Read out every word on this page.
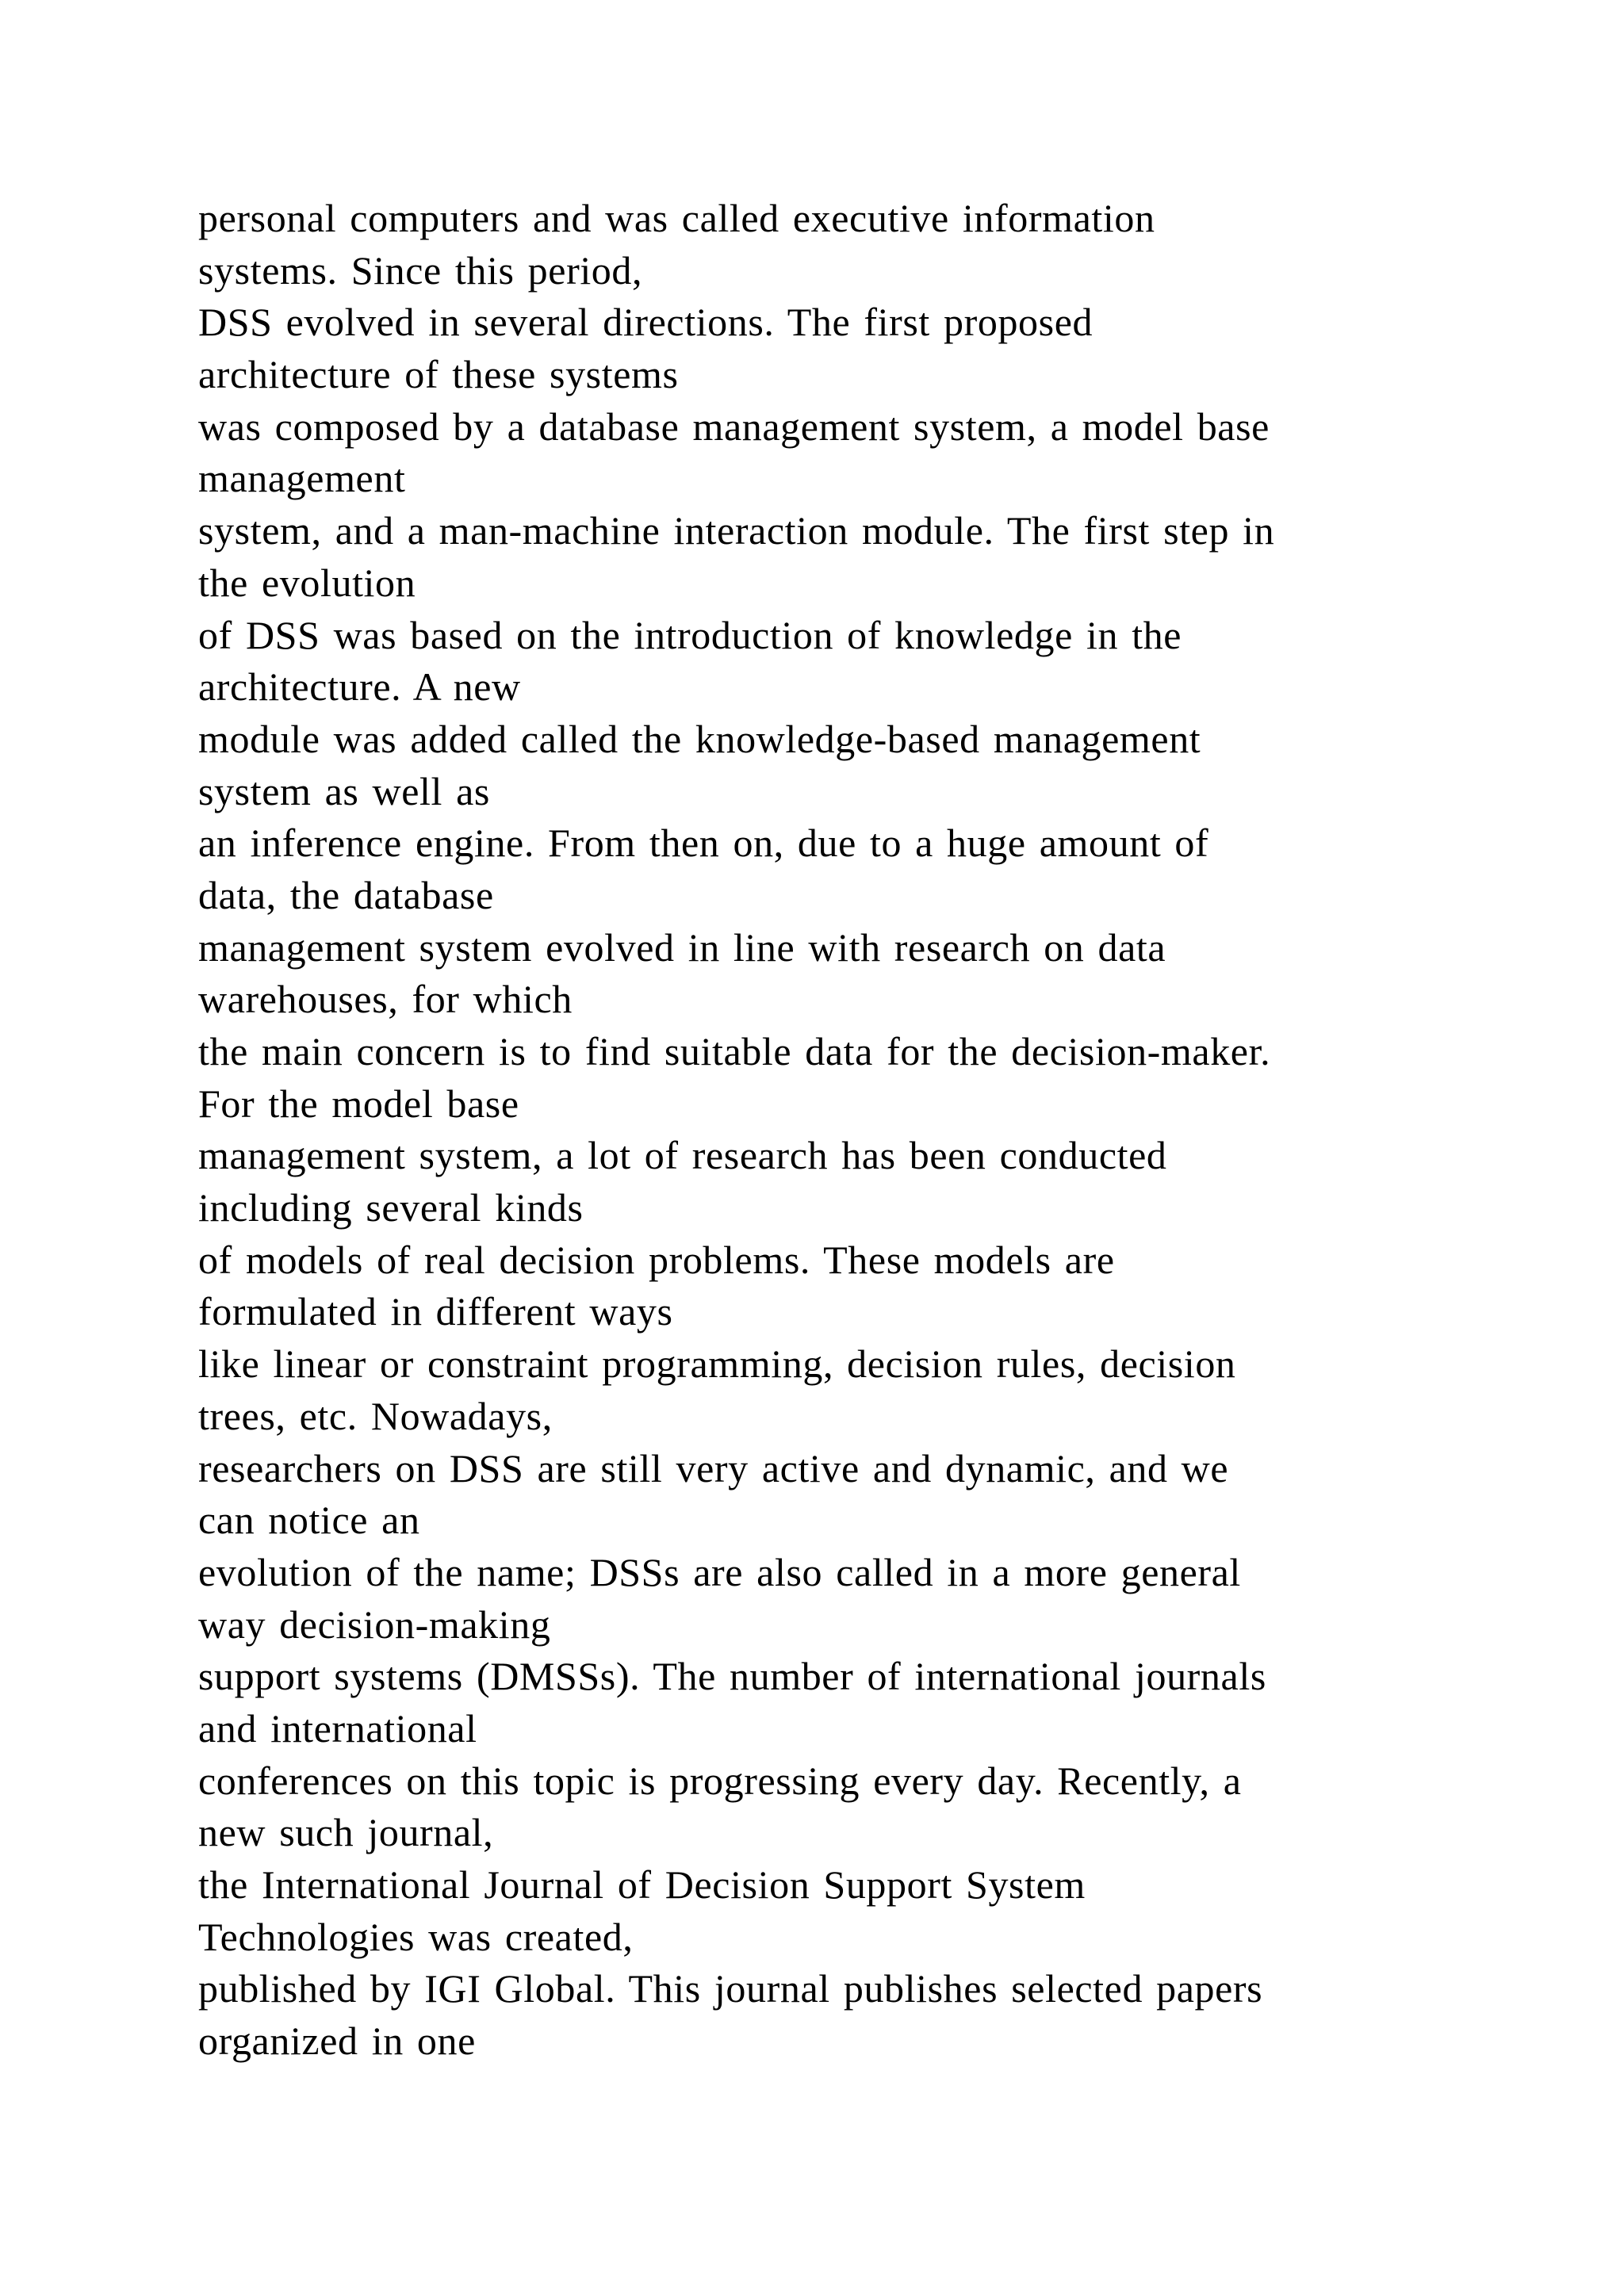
personal computers and was called executive information
systems. Since this period,
DSS evolved in several directions. The first proposed
architecture of these systems
was composed by a database management system, a model base
management
system, and a man-machine interaction module. The first step in
the evolution
of DSS was based on the introduction of knowledge in the
architecture. A new
module was added called the knowledge-based management
system as well as
an inference engine. From then on, due to a huge amount of
data, the database
management system evolved in line with research on data
warehouses, for which
the main concern is to find suitable data for the decision-maker.
For the model base
management system, a lot of research has been conducted
including several kinds
of models of real decision problems. These models are
formulated in different ways
like linear or constraint programming, decision rules, decision
trees, etc. Nowadays,
researchers on DSS are still very active and dynamic, and we
can notice an
evolution of the name; DSSs are also called in a more general
way decision-making
support systems (DMSSs). The number of international journals
and international
conferences on this topic is progressing every day. Recently, a
new such journal,
the International Journal of Decision Support System
Technologies was created,
published by IGI Global. This journal publishes selected papers
organized in one
